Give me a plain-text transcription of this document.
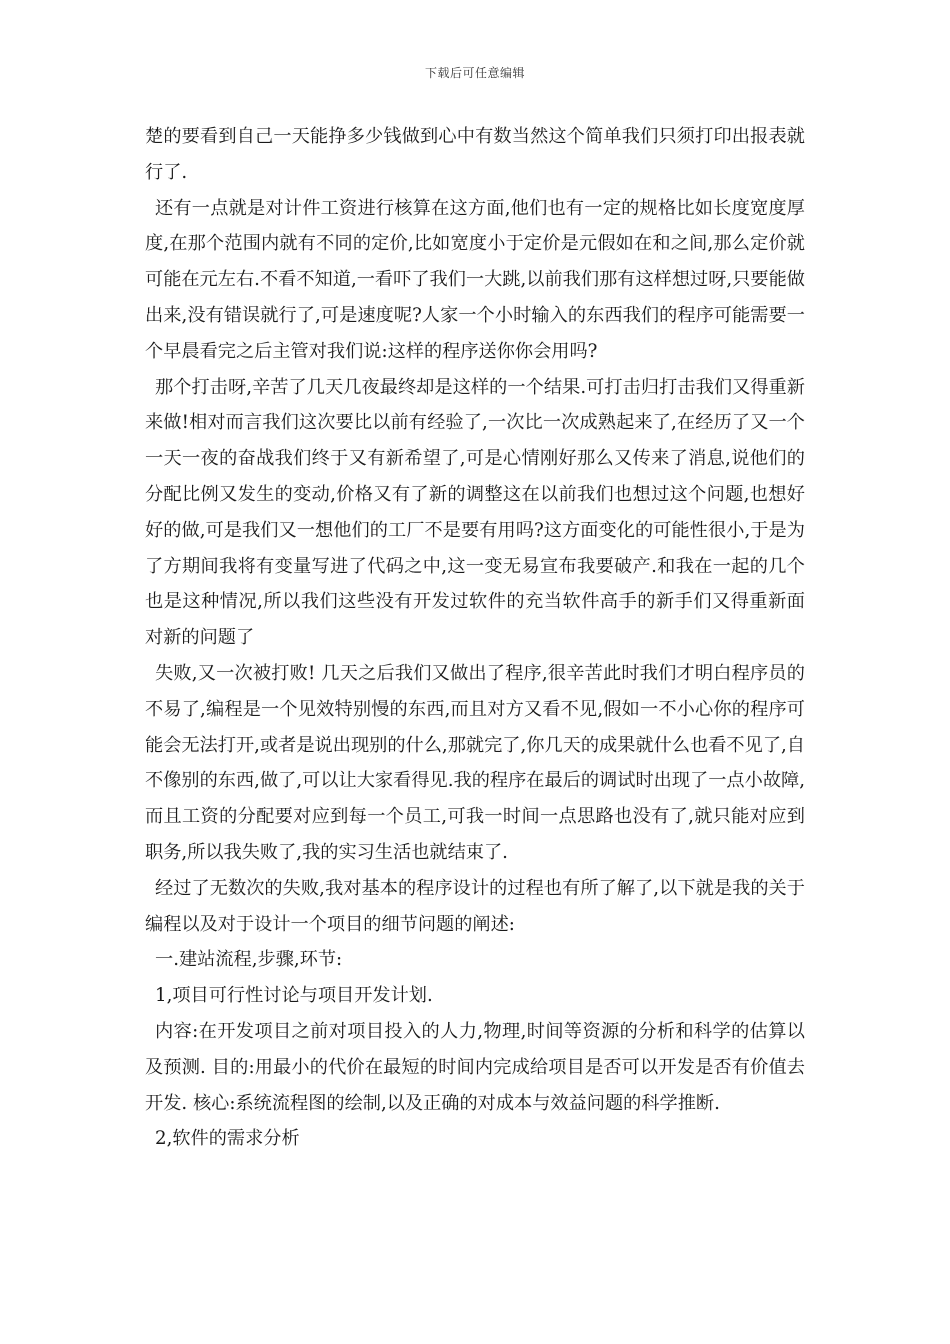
下载后可任意编辑

楚的要看到自己一天能挣多少钱做到心中有数当然这个简单我们只须打印出报表就行了.

还有一点就是对计件工资进行核算在这方面,他们也有一定的规格比如长度宽度厚度,在那个范围内就有不同的定价,比如宽度小于定价是元假如在和之间,那么定价就可能在元左右.不看不知道,一看吓了我们一大跳,以前我们那有这样想过呀,只要能做出来,没有错误就行了,可是速度呢?人家一个小时输入的东西我们的程序可能需要一个早晨看完之后主管对我们说:这样的程序送你你会用吗?

那个打击呀,辛苦了几天几夜最终却是这样的一个结果.可打击归打击我们又得重新来做!相对而言我们这次要比以前有经验了,一次比一次成熟起来了,在经历了又一个一天一夜的奋战我们终于又有新希望了,可是心情刚好那么又传来了消息,说他们的分配比例又发生的变动,价格又有了新的调整这在以前我们也想过这个问题,也想好好的做,可是我们又一想他们的工厂不是要有用吗?这方面变化的可能性很小,于是为了方期间我将有变量写进了代码之中,这一变无易宣布我要破产.和我在一起的几个也是这种情况,所以我们这些没有开发过软件的充当软件高手的新手们又得重新面对新的问题了

失败,又一次被打败! 几天之后我们又做出了程序,很辛苦此时我们才明白程序员的不易了,编程是一个见效特别慢的东西,而且对方又看不见,假如一不小心你的程序可能会无法打开,或者是说出现别的什么,那就完了,你几天的成果就什么也看不见了,自不像别的东西,做了,可以让大家看得见.我的程序在最后的调试时出现了一点小故障,而且工资的分配要对应到每一个员工,可我一时间一点思路也没有了,就只能对应到职务,所以我失败了,我的实习生活也就结束了.

经过了无数次的失败,我对基本的程序设计的过程也有所了解了,以下就是我的关于编程以及对于设计一个项目的细节问题的阐述:

一.建站流程,步骤,环节:

1,项目可行性讨论与项目开发计划.

内容:在开发项目之前对项目投入的人力,物理,时间等资源的分析和科学的估算以及预测. 目的:用最小的代价在最短的时间内完成给项目是否可以开发是否有价值去开发. 核心:系统流程图的绘制,以及正确的对成本与效益问题的科学推断.

2,软件的需求分析
